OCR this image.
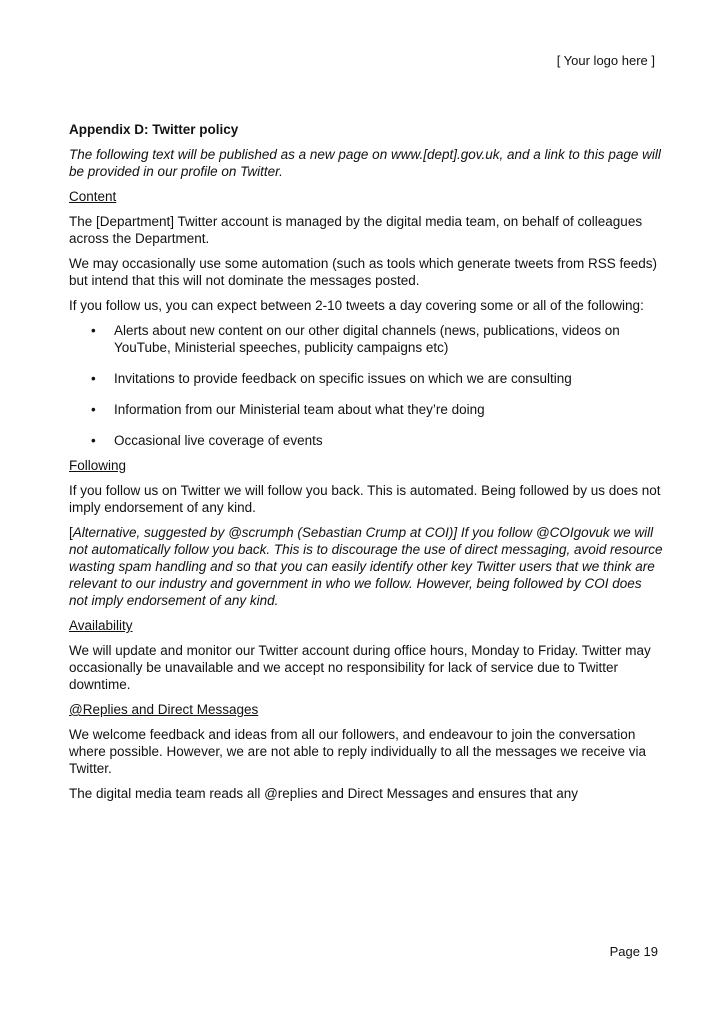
[ Your logo here ]

Appendix D: Twitter policy

The following text will be published as a new page on www.[dept].gov.uk, and a link to this page will be provided in our profile on Twitter.

Content

The [Department] Twitter account is managed by the digital media team, on behalf of colleagues across the Department.

We may occasionally use some automation (such as tools which generate tweets from RSS feeds) but intend that this will not dominate the messages posted.

If you follow us, you can expect between 2-10 tweets a day covering some or all of the following:

• Alerts about new content on our other digital channels (news, publications, videos on YouTube, Ministerial speeches, publicity campaigns etc)
• Invitations to provide feedback on specific issues on which we are consulting
• Information from our Ministerial team about what they’re doing
• Occasional live coverage of events

Following

If you follow us on Twitter we will follow you back. This is automated. Being followed by us does not imply endorsement of any kind.

[Alternative, suggested by @scrumph (Sebastian Crump at COI)] If you follow @COIgovuk we will not automatically follow you back. This is to discourage the use of direct messaging, avoid resource wasting spam handling and so that you can easily identify other key Twitter users that we think are relevant to our industry and government in who we follow. However, being followed by COI does not imply endorsement of any kind.

Availability

We will update and monitor our Twitter account during office hours, Monday to Friday. Twitter may occasionally be unavailable and we accept no responsibility for lack of service due to Twitter downtime.

@Replies and Direct Messages

We welcome feedback and ideas from all our followers, and endeavour to join the conversation where possible. However, we are not able to reply individually to all the messages we receive via Twitter.

The digital media team reads all @replies and Direct Messages and ensures that any

Page 19
